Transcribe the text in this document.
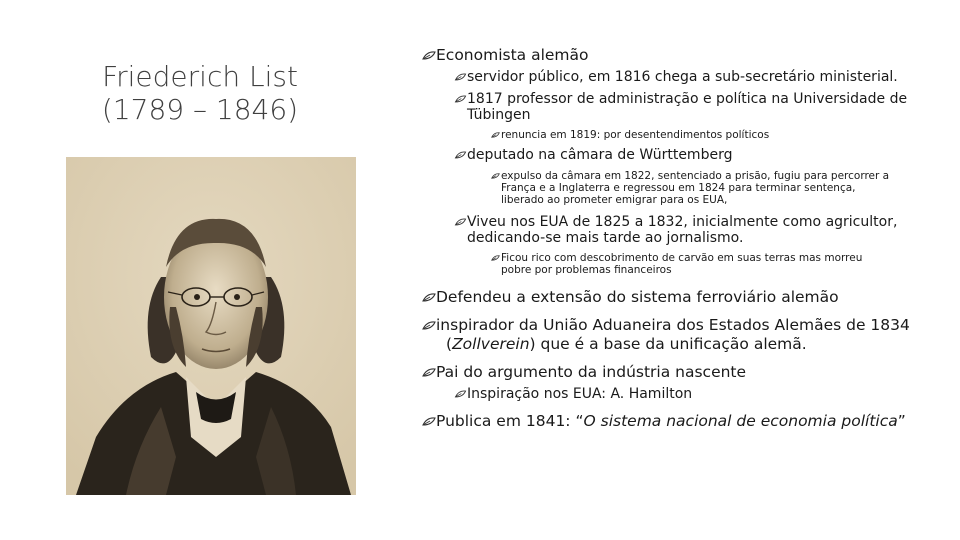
Friederich List
(1789 – 1846)
Economista alemão
servidor público, em 1816 chega a sub-secretário ministerial.
1817 professor de administração e política na Universidade de
Tübingen
renuncia em 1819: por desentendimentos políticos
deputado na câmara de Württemberg
expulso da câmara em 1822, sentenciado a prisão, fugiu para percorrer a
França e a Inglaterra e regressou em 1824 para terminar sentença,
liberado ao prometer emigrar para os EUA,
Viveu nos EUA de 1825 a 1832, inicialmente como agricultor,
dedicando-se mais tarde ao jornalismo.
Ficou rico com descobrimento de carvão em suas terras mas morreu
pobre por problemas financeiros
Defendeu a extensão do sistema ferroviário alemão
inspirador da União Aduaneira dos Estados Alemães de 1834
(Zollverein) que é a base da unificação alemã.
Pai do argumento da indústria nascente
Inspiração nos EUA: A. Hamilton
Publica em 1841: “O sistema nacional de economia política”
